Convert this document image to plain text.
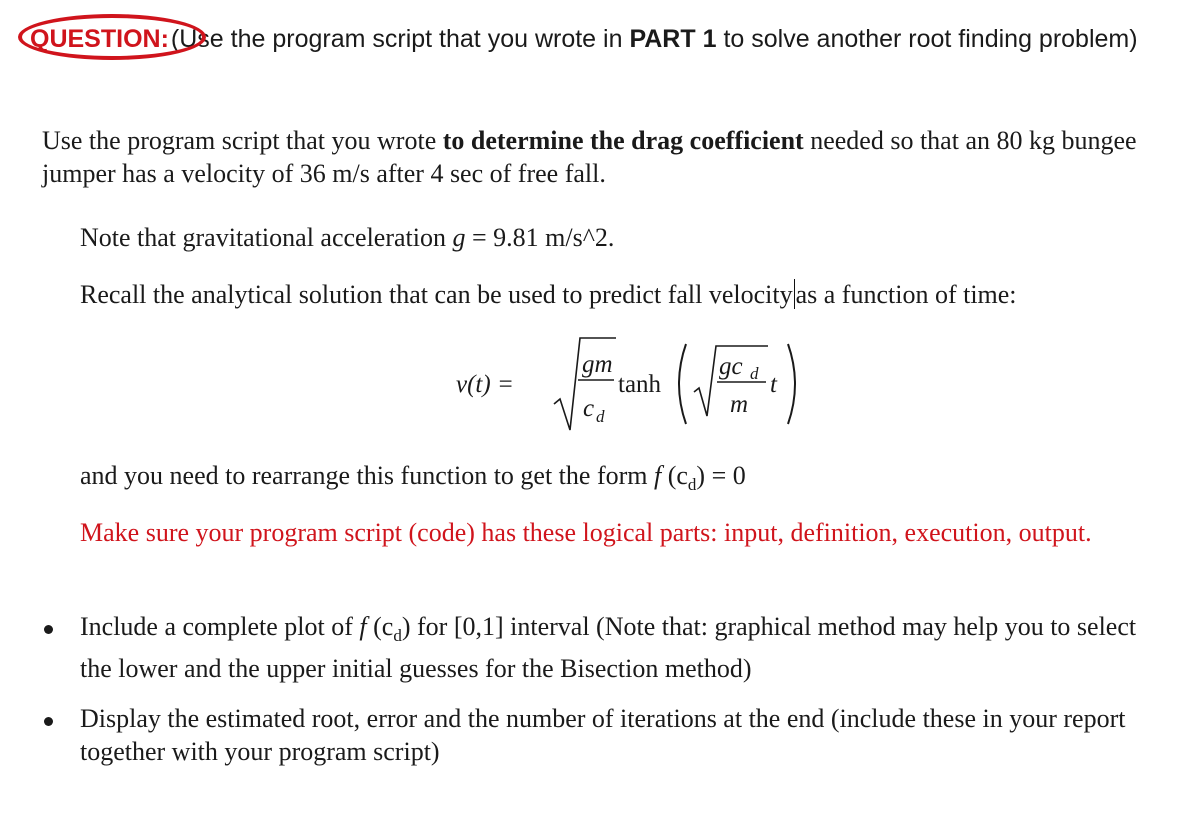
QUESTION:(Use the program script that you wrote in PART 1 to solve another root finding problem)
Use the program script that you wrote to determine the drag coefficient needed so that an 80 kg bungee jumper has a velocity of 36 m/s after 4 sec of free fall.
Note that gravitational acceleration g = 9.81 m/s^2.
Recall the analytical solution that can be used to predict fall velocity as a function of time:
v(t) =
gm
c d
tanh
gc d
m
t
and you need to rearrange this function to get the form f $(c_d) = 0$
Make sure your program script (code) has these logical parts: input, definition, execution, output.
Include a complete plot of f $(c_d)$ for [0,1] interval (Note that: graphical method may help you to select the lower and the upper initial guesses for the Bisection method)
Display the estimated root, error and the number of iterations at the end (include these in your report together with your program script)
